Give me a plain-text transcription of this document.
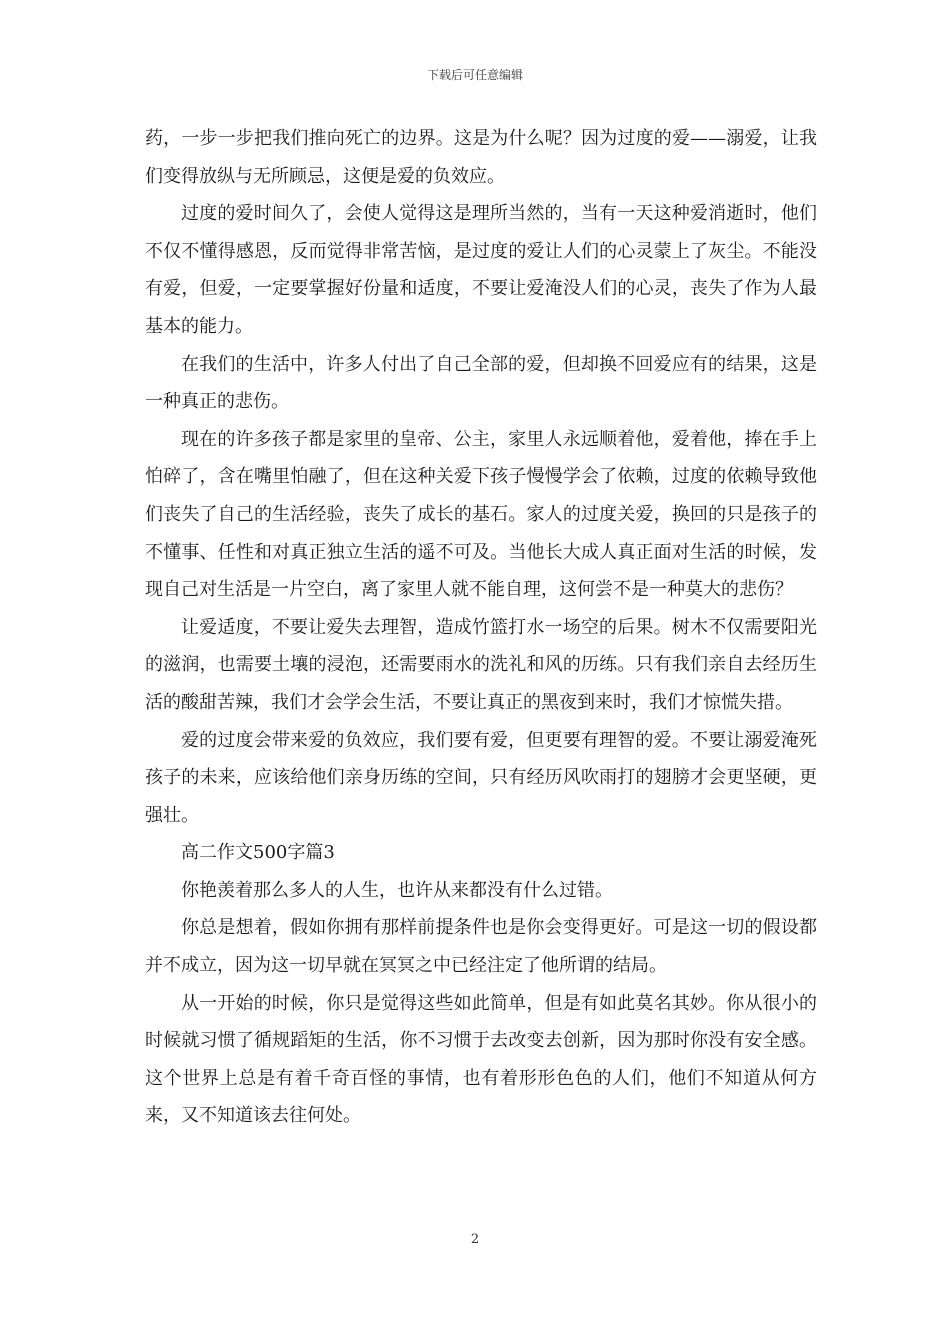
下载后可任意编辑

药，一步一步把我们推向死亡的边界。这是为什么呢？因为过度的爱——溺爱，让我们变得放纵与无所顾忌，这便是爱的负效应。

过度的爱时间久了，会使人觉得这是理所当然的，当有一天这种爱消逝时，他们不仅不懂得感恩，反而觉得非常苦恼，是过度的爱让人们的心灵蒙上了灰尘。不能没有爱，但爱，一定要掌握好份量和适度，不要让爱淹没人们的心灵，丧失了作为人最基本的能力。

在我们的生活中，许多人付出了自己全部的爱，但却换不回爱应有的结果，这是一种真正的悲伤。

现在的许多孩子都是家里的皇帝、公主，家里人永远顺着他，爱着他，捧在手上怕碎了，含在嘴里怕融了，但在这种关爱下孩子慢慢学会了依赖，过度的依赖导致他们丧失了自己的生活经验，丧失了成长的基石。家人的过度关爱，换回的只是孩子的不懂事、任性和对真正独立生活的遥不可及。当他长大成人真正面对生活的时候，发现自己对生活是一片空白，离了家里人就不能自理，这何尝不是一种莫大的悲伤？

让爱适度，不要让爱失去理智，造成竹篮打水一场空的后果。树木不仅需要阳光的滋润，也需要土壤的浸泡，还需要雨水的洗礼和风的历练。只有我们亲自去经历生活的酸甜苦辣，我们才会学会生活，不要让真正的黑夜到来时，我们才惊慌失措。

爱的过度会带来爱的负效应，我们要有爱，但更要有理智的爱。不要让溺爱淹死孩子的未来，应该给他们亲身历练的空间，只有经历风吹雨打的翅膀才会更坚硬，更强壮。

高二作文500字篇3

你艳羡着那么多人的人生，也许从来都没有什么过错。

你总是想着，假如你拥有那样前提条件也是你会变得更好。可是这一切的假设都并不成立，因为这一切早就在冥冥之中已经注定了他所谓的结局。

从一开始的时候，你只是觉得这些如此简单，但是有如此莫名其妙。你从很小的时候就习惯了循规蹈矩的生活，你不习惯于去改变去创新，因为那时你没有安全感。这个世界上总是有着千奇百怪的事情，也有着形形色色的人们，他们不知道从何方来，又不知道该去往何处。

2
